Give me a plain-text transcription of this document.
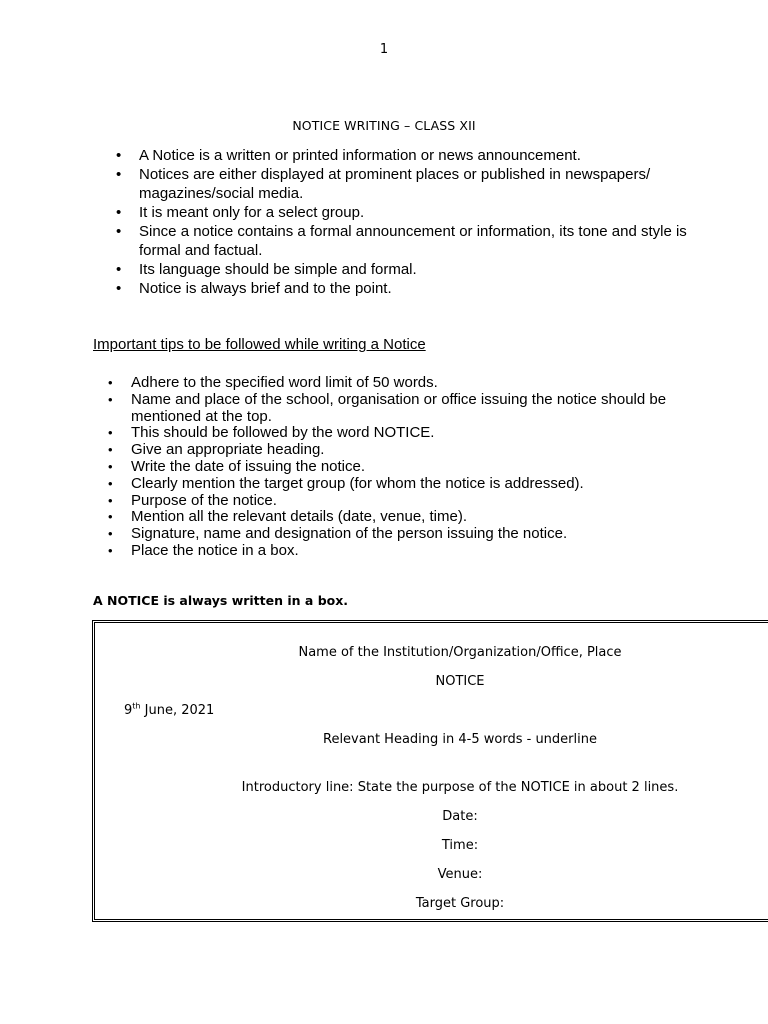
1
NOTICE WRITING – CLASS XII
• A Notice is a written or printed information or news announcement.
• Notices are either displayed at prominent places or published in newspapers/ magazines/social media.
• It is meant only for a select group.
• Since a notice contains a formal announcement or information, its tone and style is formal and factual.
• Its language should be simple and formal.
• Notice is always brief and to the point.
Important tips to be followed while writing a Notice
• Adhere to the specified word limit of 50 words.
• Name and place of the school, organisation or office issuing the notice should be mentioned at the top.
• This should be followed by the word NOTICE.
• Give an appropriate heading.
• Write the date of issuing the notice.
• Clearly mention the target group (for whom the notice is addressed).
• Purpose of the notice.
• Mention all the relevant details (date, venue, time).
• Signature, name and designation of the person issuing the notice.
• Place the notice in a box.
A NOTICE is always written in a box.
Name of the Institution/Organization/Office, Place
NOTICE
9th June, 2021
Relevant Heading in 4-5 words - underline
Introductory line: State the purpose of the NOTICE in about 2 lines.
Date:
Time:
Venue:
Target Group:
